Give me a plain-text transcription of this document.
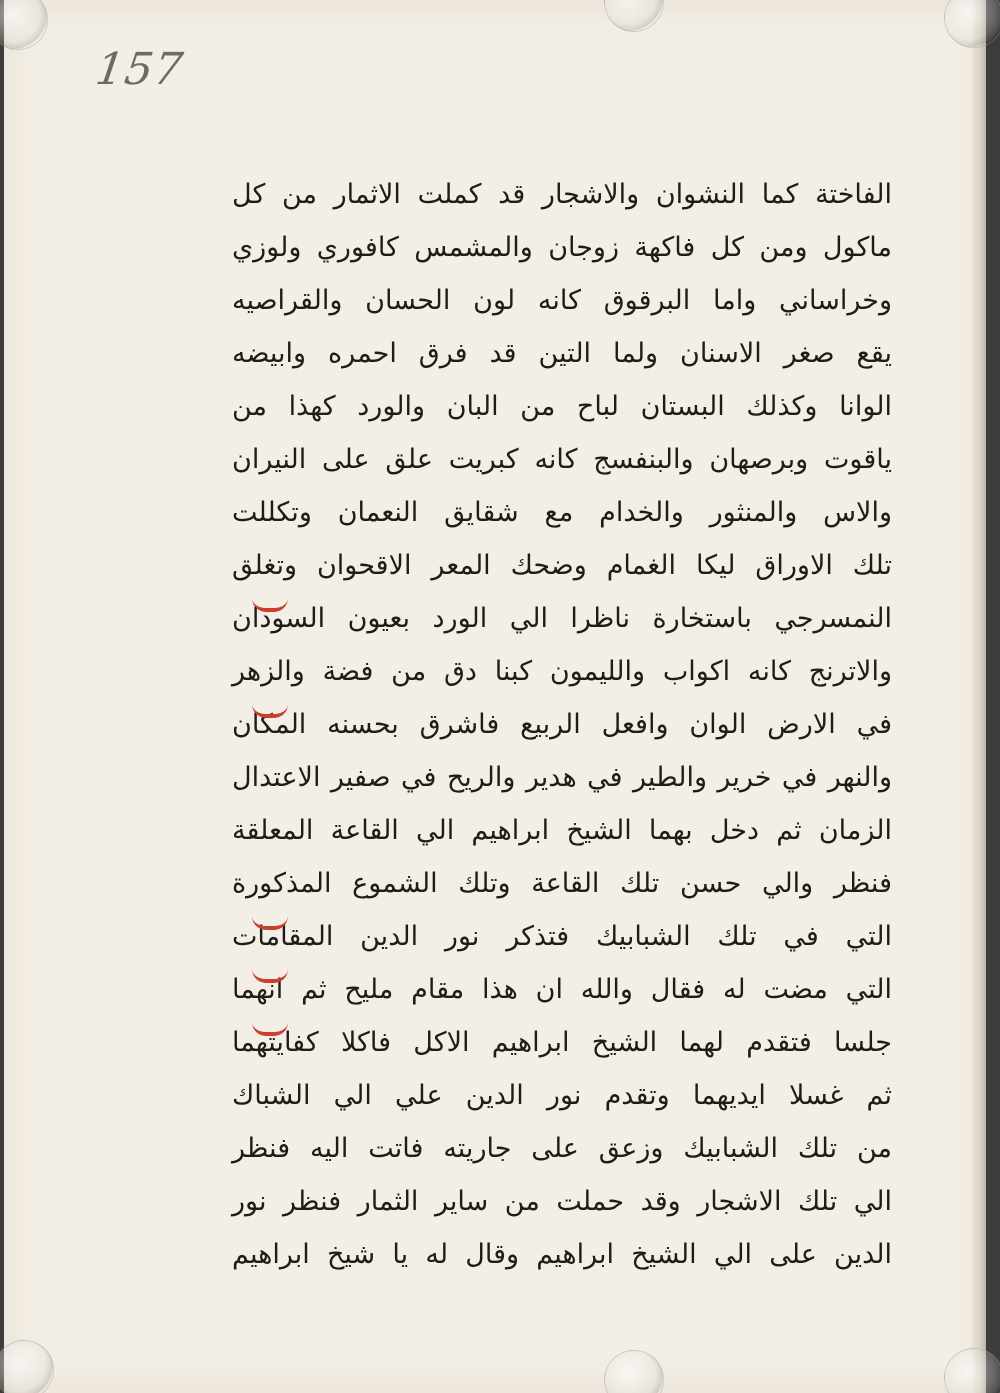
157
الفاختة كما النشوان والاشجار قد كملت الاثمار من كل
ماكول ومن كل فاكهة زوجان والمشمس كافوري ولوزي
وخراساني واما البرقوق كانه لون الحسان والقراصيه
يقع صغر الاسنان ولما التين قد فرق احمره وابيضه
الوانا وكذلك البستان لباح من البان والورد كهذا من
ياقوت وبرصهان والبنفسج كانه كبريت علق على النيران
والاس والمنثور والخدام مع شقايق النعمان وتكللت
تلك الاوراق ليكا الغمام وضحك المعر الاقحوان وتغلق
النمسرجي باستخارة ناظرا الي الورد بعيون السودان
والاترنج كانه اكواب والليمون كبنا دق من فضة والزهر
في الارض الوان وافعل الربيع فاشرق بحسنه المكان
والنهر في خرير والطير في هدير والريح في صفير الاعتدال
الزمان ثم دخل بهما الشيخ ابراهيم الي القاعة المعلقة
فنظر والي حسن تلك القاعة وتلك الشموع المذكورة
التي في تلك الشبابيك فتذكر نور الدين المقامات
التي مضت له فقال والله ان هذا مقام مليح ثم انهما
جلسا فتقدم لهما الشيخ ابراهيم الاكل فاكلا كفايتهما
ثم غسلا ايديهما وتقدم نور الدين علي الي الشباك
من تلك الشبابيك وزعق على جاريته فاتت اليه فنظر
الي تلك الاشجار وقد حملت من ساير الثمار فنظر نور
الدين على الي الشيخ ابراهيم وقال له يا شيخ ابراهيم
